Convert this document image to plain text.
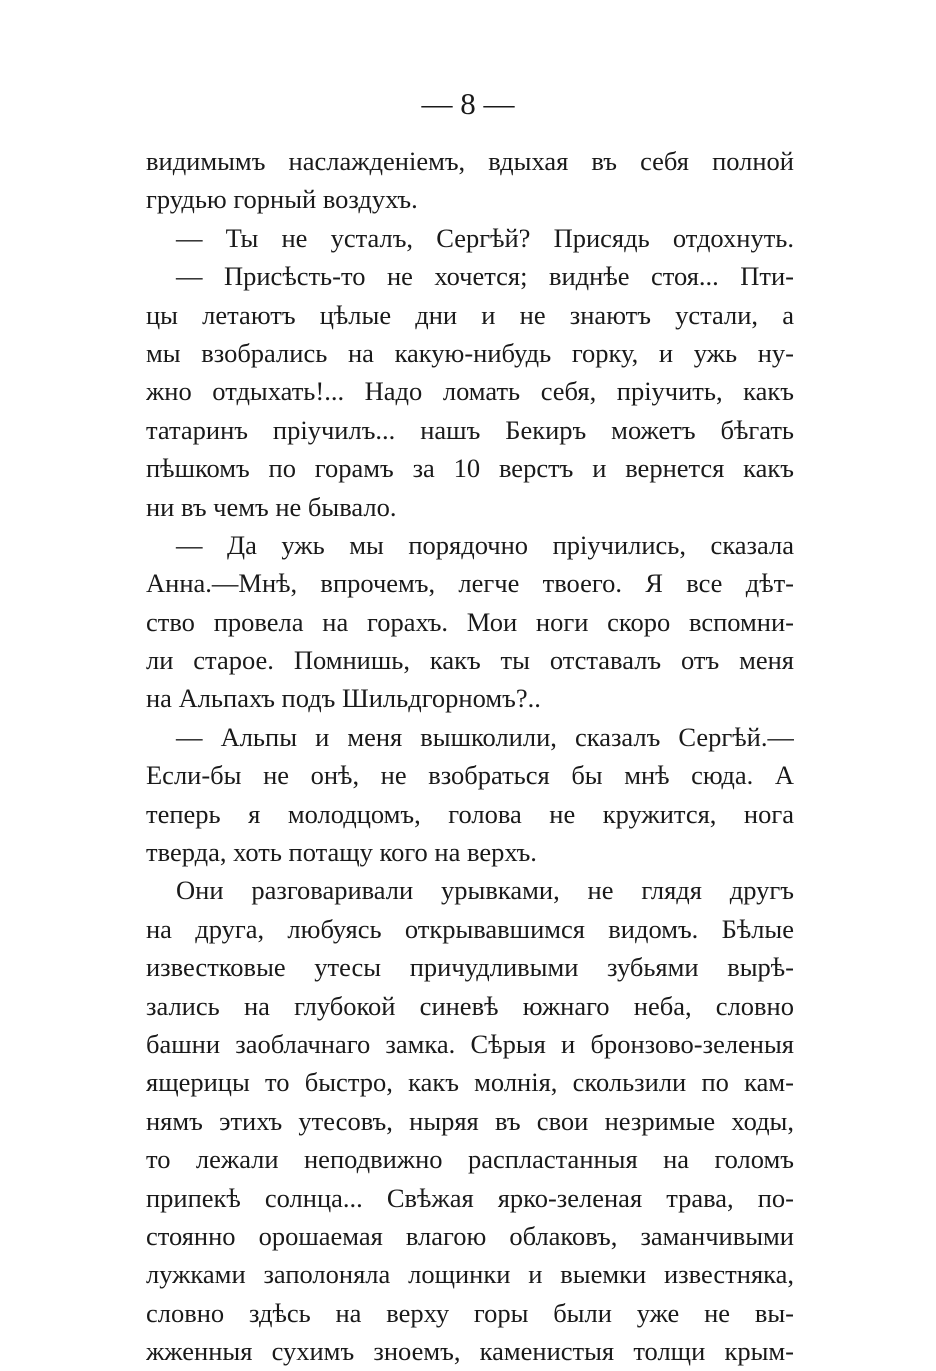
— 8 —
видимымъ наслажденіемъ, вдыхая въ себя полной
грудью горный воздухъ.
— Ты не усталъ, Сергѣй? Присядь отдохнуть.
— Присѣсть-то не хочется; виднѣе стоя... Пти-
цы летаютъ цѣлые дни и не знаютъ устали, а
мы взобрались на какую-нибудь горку, и ужь ну-
жно отдыхать!... Надо ломать себя, пріучить, какъ
татаринъ пріучилъ... нашъ Бекиръ можетъ бѣгать
пѣшкомъ по горамъ за 10 верстъ и вернется какъ
ни въ чемъ не бывало.
— Да ужь мы порядочно пріучились, сказала
Анна.—Мнѣ, впрочемъ, легче твоего. Я все дѣт-
ство провела на горахъ. Мои ноги скоро вспомни-
ли старое. Помнишь, какъ ты отставалъ отъ меня
на Альпахъ подъ Шильдгорномъ?..
— Альпы и меня вышколили, сказалъ Сергѣй.—
Если-бы не онѣ, не взобраться бы мнѣ сюда. А
теперь я молодцомъ, голова не кружится, нога
тверда, хоть потащу кого на верхъ.
Они разговаривали урывками, не глядя другъ
на друга, любуясь открывавшимся видомъ. Бѣлые
известковые утесы причудливыми зубьями вырѣ-
зались на глубокой синевѣ южнаго неба, словно
башни заоблачнаго замка. Сѣрыя и бронзово-зеленыя
ящерицы то быстро, какъ молнія, скользили по кам-
нямъ этихъ утесовъ, ныряя въ свои незримые ходы,
то лежали неподвижно распластанныя на голомъ
припекѣ солнца... Свѣжая ярко-зеленая трава, по-
стоянно орошаемая влагою облаковъ, заманчивыми
лужками заполоняла лощинки и выемки известняка,
словно здѣсь на верху горы были уже не вы-
жженныя сухимъ зноемъ, каменистыя толщи крым-
